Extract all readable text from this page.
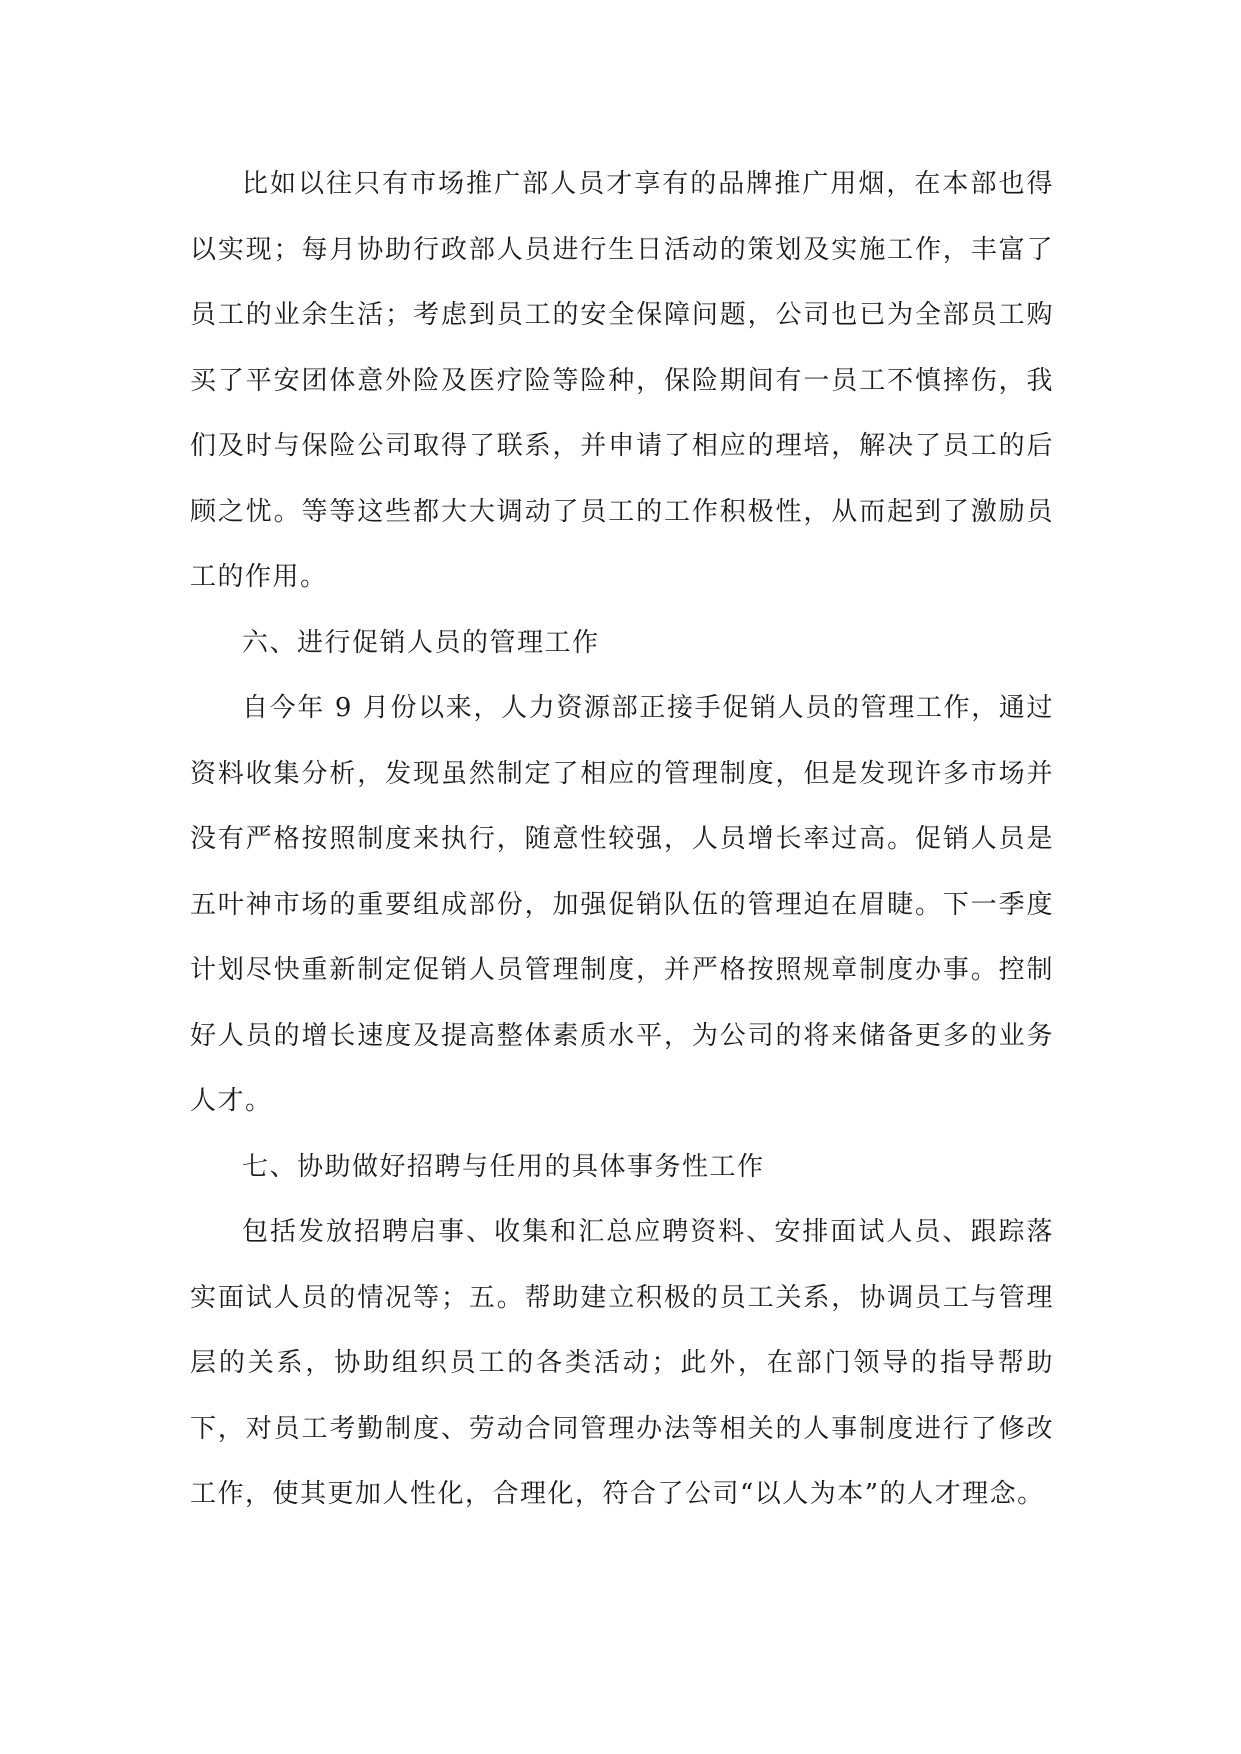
比如以往只有市场推广部人员才享有的品牌推广用烟，在本部也得以实现；每月协助行政部人员进行生日活动的策划及实施工作，丰富了员工的业余生活；考虑到员工的安全保障问题，公司也已为全部员工购买了平安团体意外险及医疗险等险种，保险期间有一员工不慎摔伤，我们及时与保险公司取得了联系，并申请了相应的理培，解决了员工的后顾之忧。等等这些都大大调动了员工的工作积极性，从而起到了激励员工的作用。

六、进行促销人员的管理工作

自今年 9 月份以来，人力资源部正接手促销人员的管理工作，通过资料收集分析，发现虽然制定了相应的管理制度，但是发现许多市场并没有严格按照制度来执行，随意性较强，人员增长率过高。促销人员是五叶神市场的重要组成部份，加强促销队伍的管理迫在眉睫。下一季度计划尽快重新制定促销人员管理制度，并严格按照规章制度办事。控制好人员的增长速度及提高整体素质水平，为公司的将来储备更多的业务人才。

七、协助做好招聘与任用的具体事务性工作

包括发放招聘启事、收集和汇总应聘资料、安排面试人员、跟踪落实面试人员的情况等；五。帮助建立积极的员工关系，协调员工与管理层的关系，协助组织员工的各类活动；此外，在部门领导的指导帮助下，对员工考勤制度、劳动合同管理办法等相关的人事制度进行了修改工作，使其更加人性化，合理化，符合了公司“以人为本”的人才理念。
